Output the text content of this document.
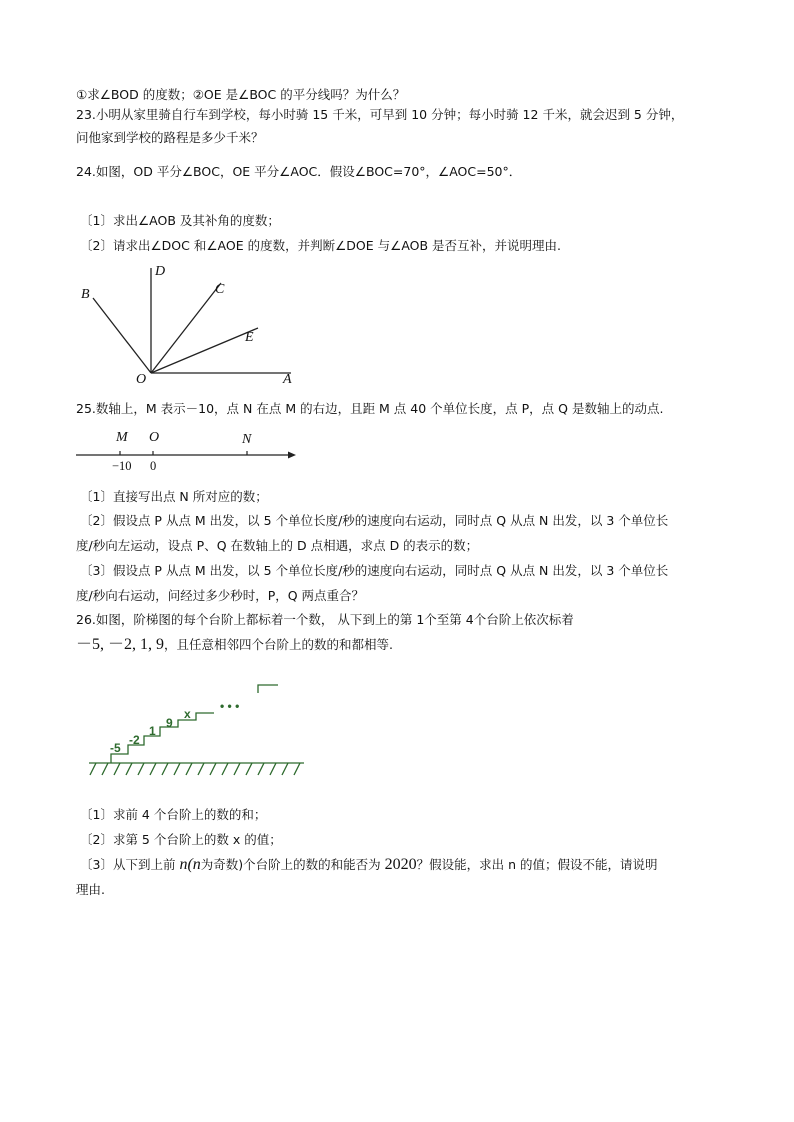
①求∠BOD 的度数；②OE 是∠BOC 的平分线吗？为什么？
23.小明从家里骑自行车到学校，每小时骑 15 千米，可早到 10 分钟；每小时骑 12 千米，就会迟到 5 分钟，
问他家到学校的路程是多少千米？
24.如图，OD 平分∠BOC，OE 平分∠AOC．假设∠BOC=70°，∠AOC=50°．
〔1〕求出∠AOB 及其补角的度数；
〔2〕请求出∠DOC 和∠AOE 的度数，并判断∠DOE 与∠AOB 是否互补，并说明理由.
B
D
C
E
O	A
25.数轴上，M 表示－10，点 N 在点 M 的右边，且距 M 点 40 个单位长度，点 P，点 Q 是数轴上的动点.
M O	N
−10 0
〔1〕直接写出点 N 所对应的数；
〔2〕假设点 P 从点 M 出发，以 5 个单位长度/秒的速度向右运动，同时点 Q 从点 N 出发，以 3 个单位长
度/秒向左运动，设点 P、Q 在数轴上的 D 点相遇，求点 D 的表示的数；
〔3〕假设点 P 从点 M 出发，以 5 个单位长度/秒的速度向右运动，同时点 Q 从点 N 出发，以 3 个单位长
度/秒向右运动，问经过多少秒时，P，Q 两点重合？
26.如图，阶梯图的每个台阶上都标着一个数， 从下到上的第 1个至第 4个台阶上依次标着
－5, －2, 1, 9，且任意相邻四个台阶上的数的和都相等.
-5
-2
1
9
x
• • •
〔1〕求前 4 个台阶上的数的和；
〔2〕求第 5 个台阶上的数 x 的值；
〔3〕从下到上前 n(n为奇数)个台阶上的数的和能否为 2020？假设能，求出 n 的值；假设不能，请说明
理由.
